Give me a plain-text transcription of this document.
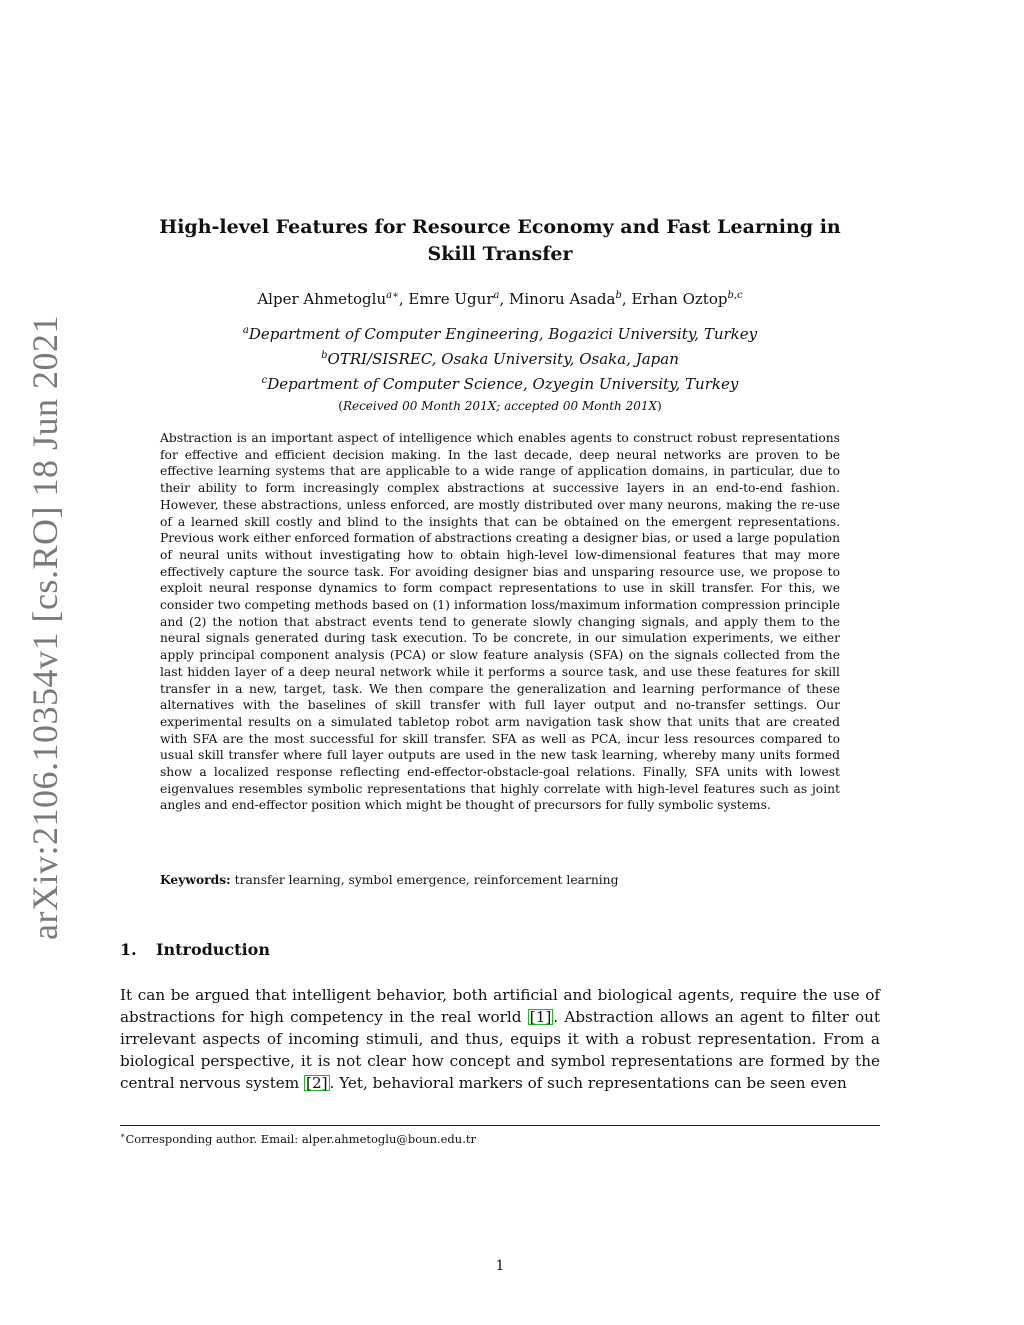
arXiv:2106.10354v1 [cs.RO] 18 Jun 2021
High-level Features for Resource Economy and Fast Learning in Skill Transfer
Alper Ahmetoglu$^{a∗}$, Emre Ugur$^a$, Minoru Asada$^b$, Erhan Oztop$^{b,c}$
$^a$Department of Computer Engineering, Bogazici University, Turkey
$^b$OTRI/SISREC, Osaka University, Osaka, Japan
$^c$Department of Computer Science, Ozyegin University, Turkey
(Received 00 Month 201X; accepted 00 Month 201X)
Abstraction is an important aspect of intelligence which enables agents to construct robust representations for effective and efficient decision making. In the last decade, deep neural networks are proven to be effective learning systems that are applicable to a wide range of application domains, in particular, due to their ability to form increasingly complex abstractions at successive layers in an end-to-end fashion. However, these abstractions, unless enforced, are mostly distributed over many neurons, making the re-use of a learned skill costly and blind to the insights that can be obtained on the emergent representations. Previous work either enforced formation of abstractions creating a designer bias, or used a large population of neural units without investigating how to obtain high-level low-dimensional features that may more effectively capture the source task. For avoiding designer bias and unsparing resource use, we propose to exploit neural response dynamics to form compact representations to use in skill transfer. For this, we consider two competing methods based on (1) information loss/maximum information compression principle and (2) the notion that abstract events tend to generate slowly changing signals, and apply them to the neural signals generated during task execution. To be concrete, in our simulation experiments, we either apply principal component analysis (PCA) or slow feature analysis (SFA) on the signals collected from the last hidden layer of a deep neural network while it performs a source task, and use these features for skill transfer in a new, target, task. We then compare the generalization and learning performance of these alternatives with the baselines of skill transfer with full layer output and no-transfer settings. Our experimental results on a simulated tabletop robot arm navigation task show that units that are created with SFA are the most successful for skill transfer. SFA as well as PCA, incur less resources compared to usual skill transfer where full layer outputs are used in the new task learning, whereby many units formed show a localized response reflecting end-effector-obstacle-goal relations. Finally, SFA units with lowest eigenvalues resembles symbolic representations that highly correlate with high-level features such as joint angles and end-effector position which might be thought of precursors for fully symbolic systems.
Keywords: transfer learning, symbol emergence, reinforcement learning
1. Introduction
It can be argued that intelligent behavior, both artificial and biological agents, require the use of abstractions for high competency in the real world [1] . Abstraction allows an agent to filter out irrelevant aspects of incoming stimuli, and thus, equips it with a robust representation. From a biological perspective, it is not clear how concept and symbol representations are formed by the central nervous system [2] . Yet, behavioral markers of such representations can be seen even
∗Corresponding author. Email: alper.ahmetoglu@boun.edu.tr
1
